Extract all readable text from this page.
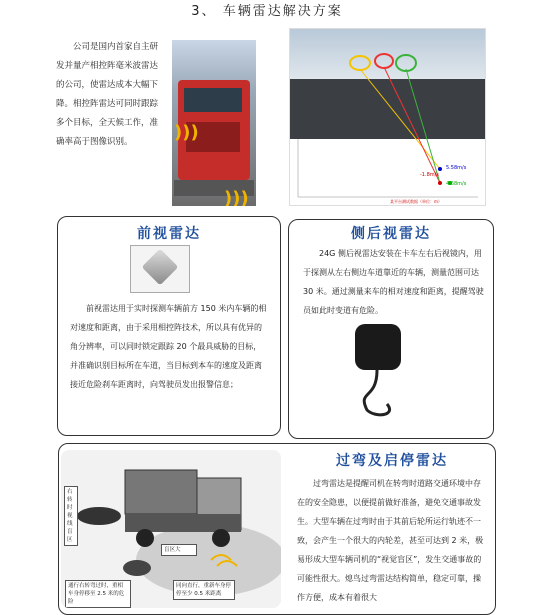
3、 车辆雷达解决方案
公司是国内首家自主研发并量产相控阵毫米波雷达的公司，使雷达成本大幅下降。相控阵雷达可同时跟踪多个目标，全天候工作，准确率高于图像识别。	)))
)))
5.58m/s
-1.8m/s
4.68m/s
某平台测试数据（单位：m）
前视雷达

前视雷达用于实时探测车辆前方 150 米内车辆的相对速度和距离，由于采用相控阵技术，所以具有优异的角分辨率，可以同时锁定跟踪 20 个最具威胁的目标，并准确识别目标所在车道，当目标到本车的速度及距离接近危险刹车距离时，向驾驶员发出报警信息；

侧后视雷达

24G 侧后视雷达安装在卡车左右后视镜内，用于探测从左右侧边车道靠近的车辆，测量范围可达 30 米。通过测量来车的相对速度和距离，提醒驾驶员如此时变道有危险。

右转时视线盲区
盲区大
通行右转弯过时，重相车身停移至 2.5 米的危险
同向直行，重新车身停停至少 0.5 米距离
过弯及启停雷达

过弯雷达是提醒司机在转弯时道路交通环境中存在的安全隐患，以便提前做好准备，避免交通事故发生。大型车辆在过弯时由于其前后轮所运行轨迹不一致，会产生一个很大的内轮差，甚至可达到 2 米，极易形成大型车辆司机的“视觉盲区”，发生交通事故的可能性很大。熄鸟过弯雷达结构简单，稳定可靠，操作方便，成本有着很大
